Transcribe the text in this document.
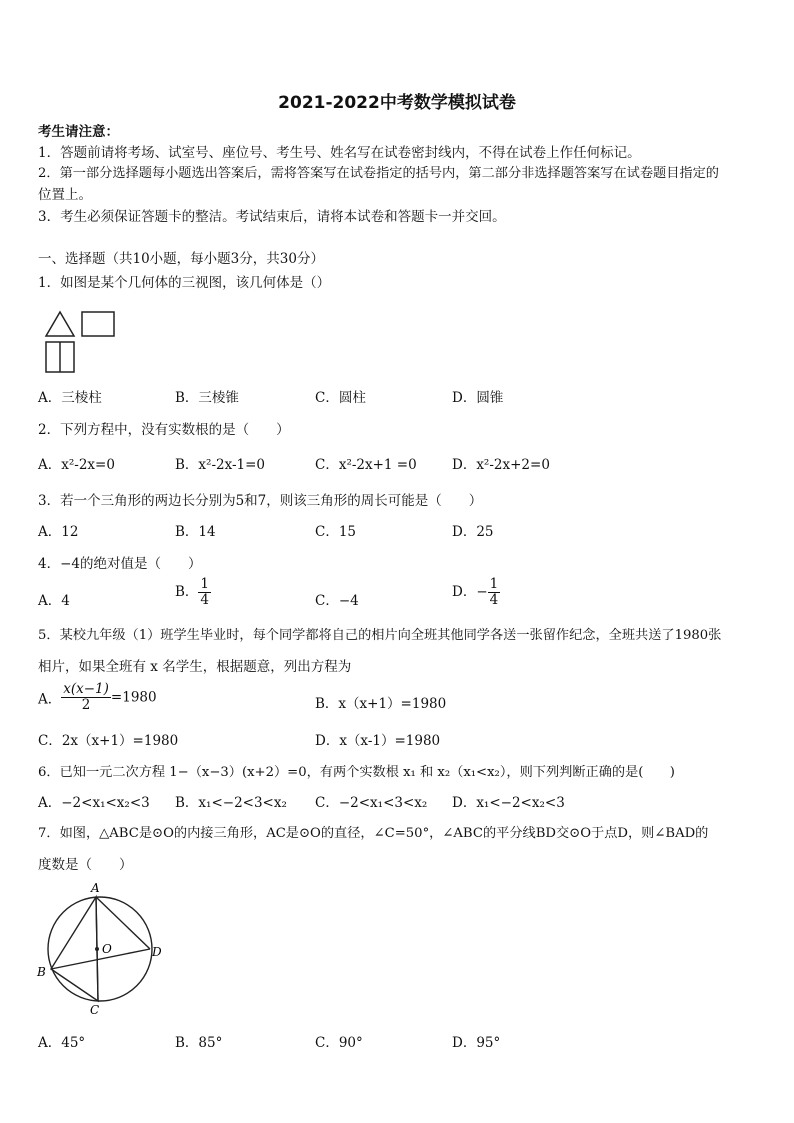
2021-2022中考数学模拟试卷
考生请注意：
1．答题前请将考场、试室号、座位号、考生号、姓名写在试卷密封线内，不得在试卷上作任何标记。
2．第一部分选择题每小题选出答案后，需将答案写在试卷指定的括号内，第二部分非选择题答案写在试卷题目指定的
位置上。
3．考生必须保证答题卡的整洁。考试结束后，请将本试卷和答题卡一并交回。
一、选择题（共10小题，每小题3分，共30分）
1．如图是某个几何体的三视图，该几何体是（）
A．三棱柱	B．三棱锥	C．圆柱	D．圆锥
2．下列方程中，没有实数根的是（　　）
A．x²-2x=0	B．x²-2x-1=0	C．x²-2x+1 =0	D．x²-2x+2=0
3．若一个三角形的两边长分别为5和7，则该三角形的周长可能是（　　）
A．12	B．14	C．15	D．25
4．−4的绝对值是（　　）
A．4
B． $\frac{1}{4}$	C．−4
D．− $\frac{1}{4}$
5．某校九年级（1）班学生毕业时，每个同学都将自己的相片向全班其他同学各送一张留作纪念，全班共送了1980张
相片，如果全班有 x 名学生，根据题意，列出方程为
A． $\frac{x(x-1)}{2} =1980$	B．x（x+1）=1980
C．2x（x+1）=1980	D．x（x-1）=1980
6．已知一元二次方程 1−（x−3）(x+2）=0，有两个实数根 x₁ 和 x₂（x₁<x₂），则下列判断正确的是(　　)
A．−2<x₁<x₂<3 B．x₁<−2<3<x₂ C．−2<x₁<3<x₂ D．x₁<−2<x₂<3
7．如图，△ABC是⊙O的内接三角形，AC是⊙O的直径，∠C=50°，∠ABC的平分线BD交⊙O于点D，则∠BAD的
度数是（　　）
A
B
C
D
O
A．45°	B．85°	C．90°	D．95°
